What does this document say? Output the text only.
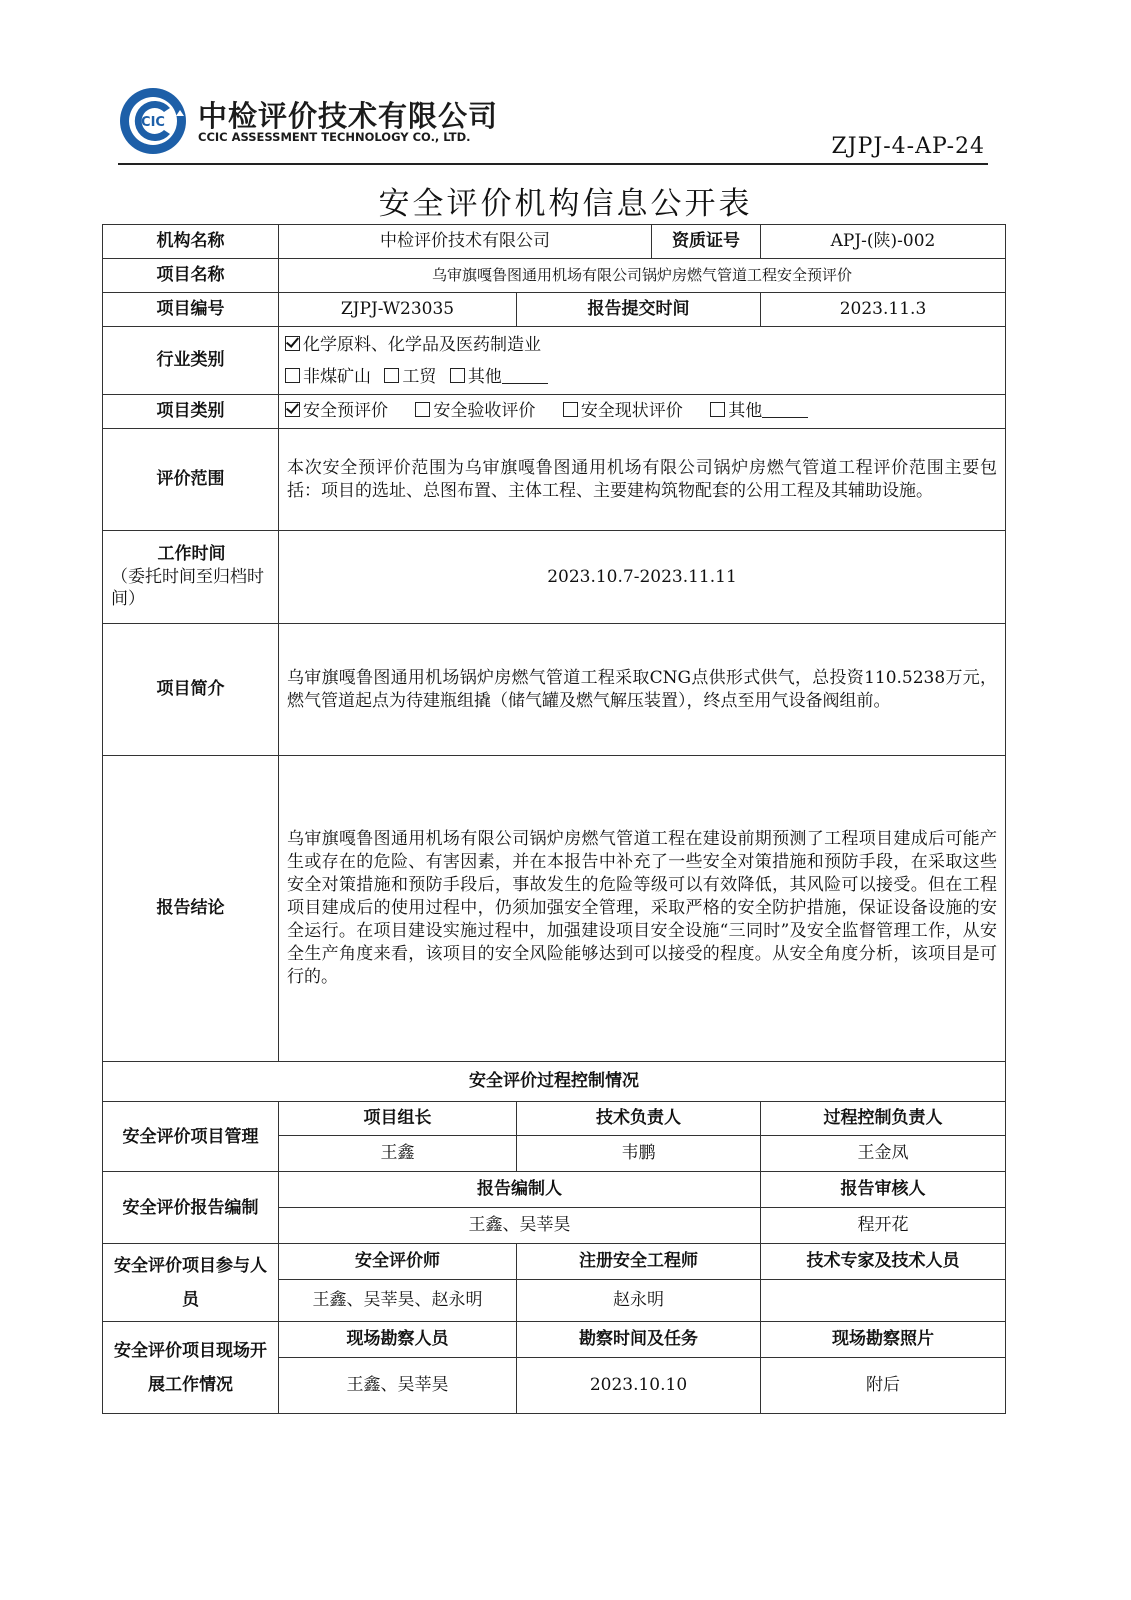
CIC 中检评价技术有限公司
CCIC ASSESSMENT TECHNOLOGY CO., LTD.	ZJPJ-4-AP-24
安全评价机构信息公开表
机构名称	中检评价技术有限公司		资质证号	APJ-(陕)-002
项目名称	乌审旗嘎鲁图通用机场有限公司锅炉房燃气管道工程安全预评价			
项目编号	ZJPJ-W23035	报告提交时间		2023.11.3
行业类别	化学原料、化学品及医药制造业
非煤矿山 工贸 其他			

项目类别	安全预评价 安全验收评价 安全现状评价 其他			
评价范围	本次安全预评价范围为乌审旗嘎鲁图通用机场有限公司锅炉房燃气管道工程评价范围主要包括：项目的选址、总图布置、主体工程、主要建构筑物配套的公用工程及其辅助设施。			

工作时间
（委托时间至归档时间）	2023.10.7-2023.11.11			
项目简介	乌审旗嘎鲁图通用机场锅炉房燃气管道工程采取CNG点供形式供气，总投资110.5238万元，燃气管道起点为待建瓶组撬（储气罐及燃气解压装置），终点至用气设备阀组前。			
报告结论	乌审旗嘎鲁图通用机场有限公司锅炉房燃气管道工程在建设前期预测了工程项目建成后可能产生或存在的危险、有害因素，并在本报告中补充了一些安全对策措施和预防手段，在采取这些安全对策措施和预防手段后，事故发生的危险等级可以有效降低，其风险可以接受。但在工程项目建成后的使用过程中，仍须加强安全管理，采取严格的安全防护措施，保证设备设施的安全运行。在项目建设实施过程中，加强建设项目安全设施“三同时”及安全监督管理工作，从安全生产角度来看，该项目的安全风险能够达到可以接受的程度。从安全角度分析，该项目是可行的。			
安全评价过程控制情况				
安全评价项目管理	项目组长	技术负责人		过程控制负责人
	王鑫	韦鹏		王金凤
安全评价报告编制	报告编制人			报告审核人
	王鑫、吴莘昊			程开花
安全评价项目参与人员	安全评价师	注册安全工程师		技术专家及技术人员
	王鑫、吴莘昊、赵永明	赵永明		
安全评价项目现场开展工作情况	现场勘察人员	勘察时间及任务		现场勘察照片
	王鑫、吴莘昊	2023.10.10		附后
